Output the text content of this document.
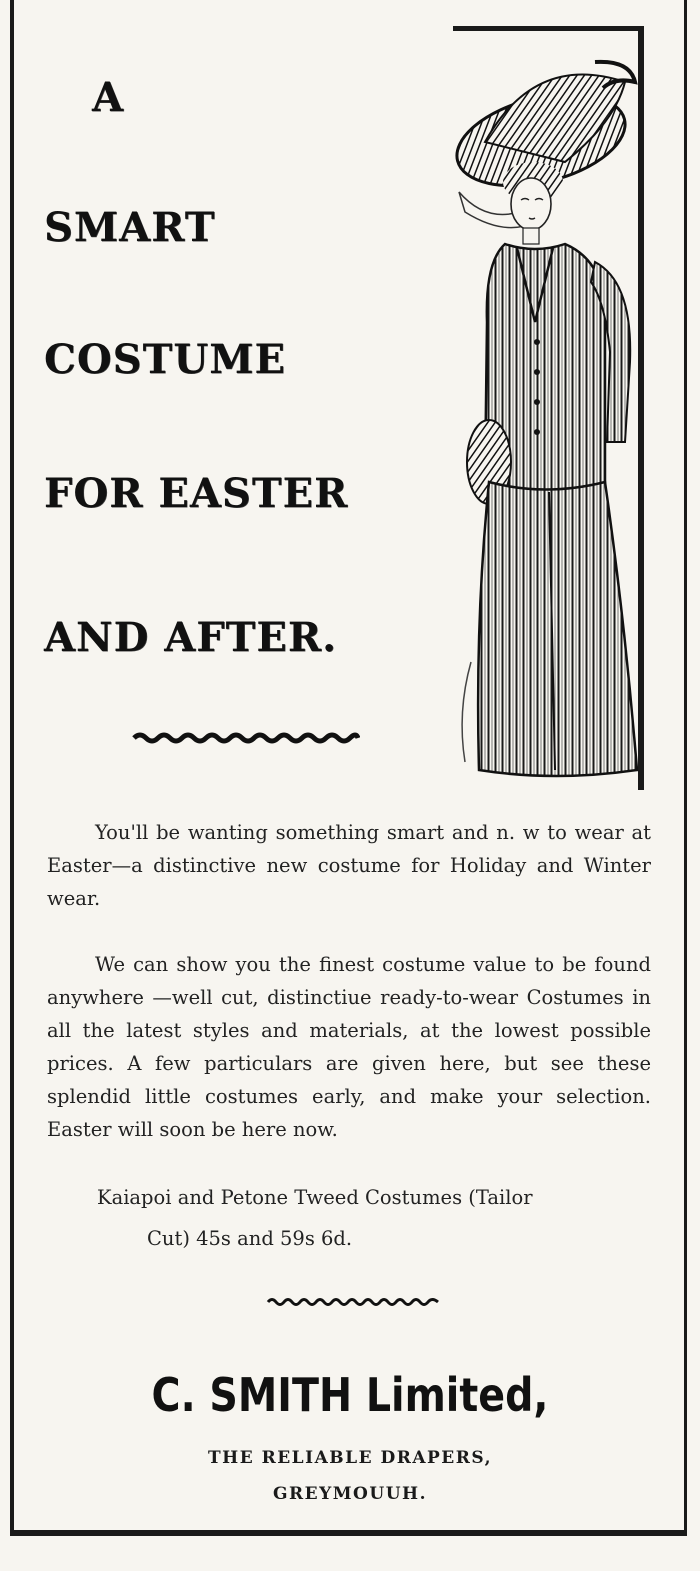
A
SMART
COSTUME
FOR EASTER
AND AFTER.

You'll be wanting something smart and n. w to wear at Easter—a distinctive new costume for Holiday and Winter wear.

We can show you the finest costume value to be found anywhere —well cut, distinctiue ready-to-wear Costumes in all the latest styles and materials, at the lowest possible prices. A few particulars are given here, but see these splendid little costumes early, and make your selection. Easter will soon be here now.

Kaiapoi and Petone Tweed Costumes (Tailor

Cut) 45s and 59s 6d.

C. SMITH Limited,

THE RELIABLE DRAPERS,

GREYMOUUH.
